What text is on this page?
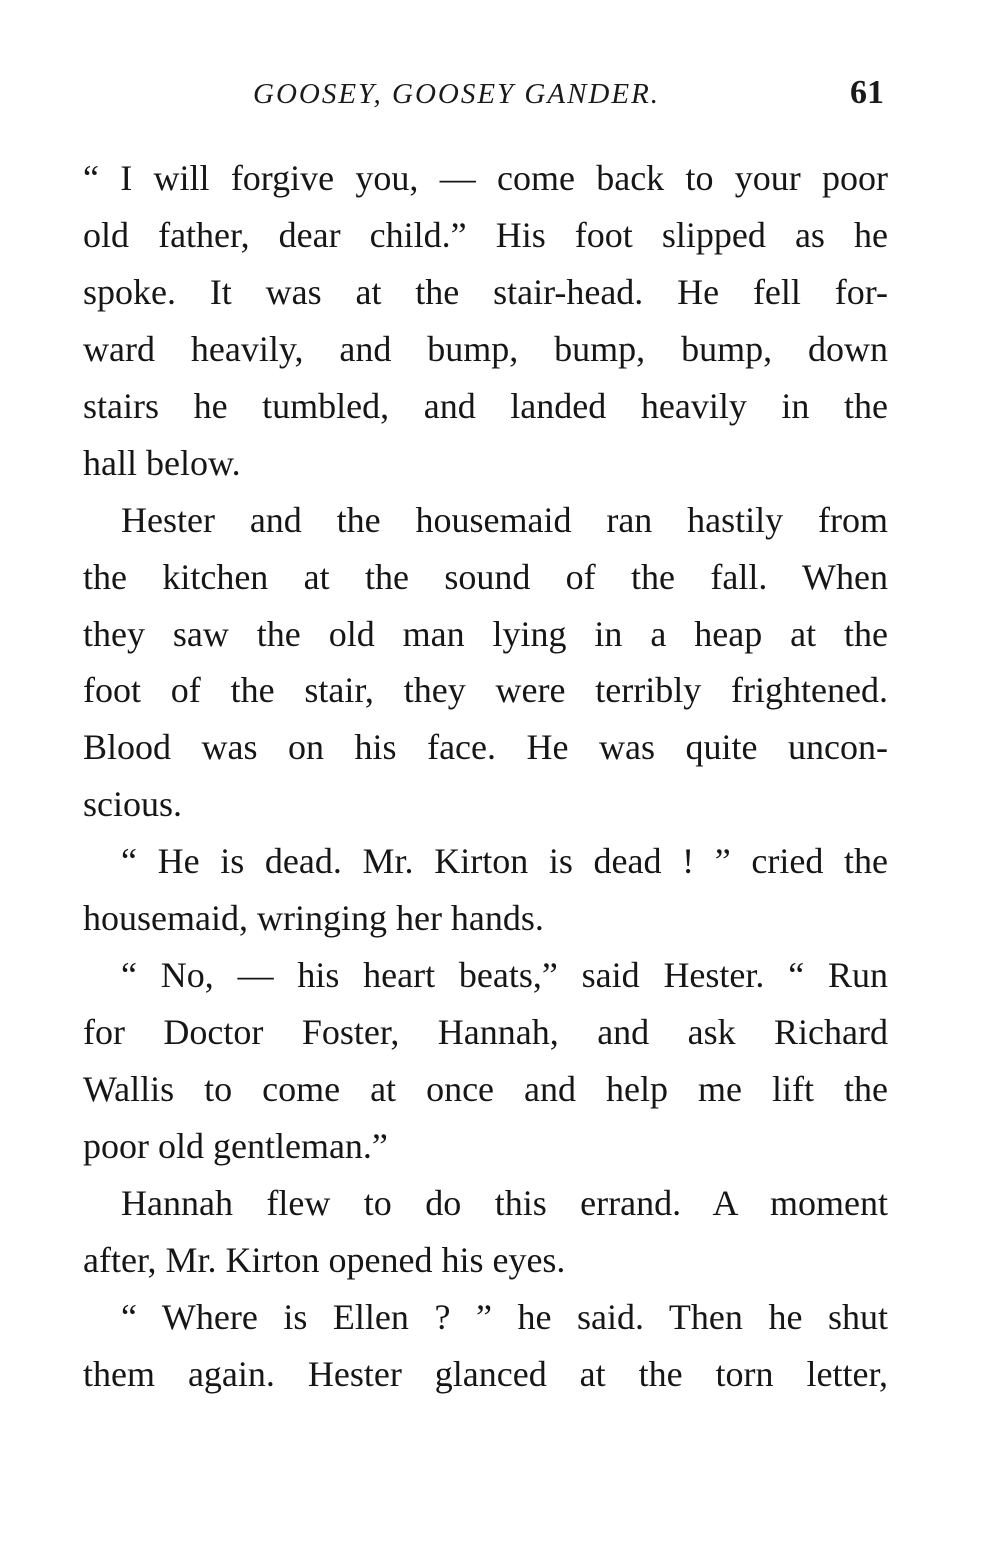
GOOSEY, GOOSEY GANDER.	61
“ I will forgive you, — come back to your poor
old father, dear child.” His foot slipped as he
spoke. It was at the stair-head. He fell for-
ward heavily, and bump, bump, bump, down
stairs he tumbled, and landed heavily in the
hall below.
Hester and the housemaid ran hastily from
the kitchen at the sound of the fall. When
they saw the old man lying in a heap at the
foot of the stair, they were terribly frightened.
Blood was on his face. He was quite uncon-
scious.
“ He is dead. Mr. Kirton is dead ! ” cried the
housemaid, wringing her hands.
“ No, — his heart beats,” said Hester. “ Run
for Doctor Foster, Hannah, and ask Richard
Wallis to come at once and help me lift the
poor old gentleman.”
Hannah flew to do this errand. A moment
after, Mr. Kirton opened his eyes.
“ Where is Ellen ? ” he said. Then he shut
them again. Hester glanced at the torn letter,
